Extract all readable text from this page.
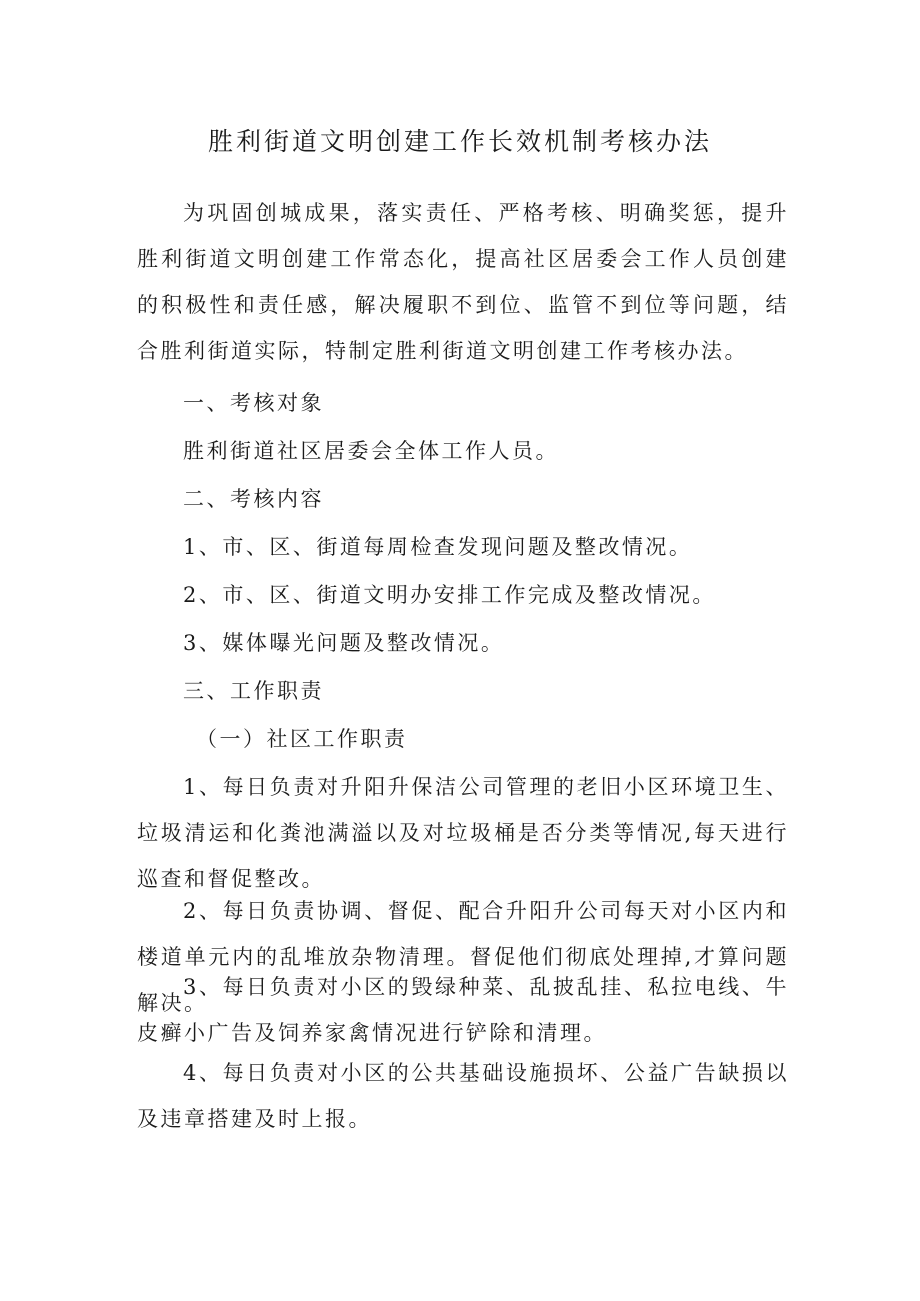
胜利街道文明创建工作长效机制考核办法

为巩固创城成果，落实责任、严格考核、明确奖惩，提升胜利街道文明创建工作常态化，提高社区居委会工作人员创建的积极性和责任感，解决履职不到位、监管不到位等问题，结合胜利街道实际，特制定胜利街道文明创建工作考核办法。

一、考核对象

胜利街道社区居委会全体工作人员。

二、考核内容

1、市、区、街道每周检查发现问题及整改情况。

2、市、区、街道文明办安排工作完成及整改情况。

3、媒体曝光问题及整改情况。

三、工作职责

（一）社区工作职责

1、每日负责对升阳升保洁公司管理的老旧小区环境卫生、垃圾清运和化粪池满溢以及对垃圾桶是否分类等情况,每天进行巡查和督促整改。

2、每日负责协调、督促、配合升阳升公司每天对小区内和楼道单元内的乱堆放杂物清理。督促他们彻底处理掉,才算问题解决。

3、每日负责对小区的毁绿种菜、乱披乱挂、私拉电线、牛皮癣小广告及饲养家禽情况进行铲除和清理。

4、每日负责对小区的公共基础设施损坏、公益广告缺损以及违章搭建及时上报。
